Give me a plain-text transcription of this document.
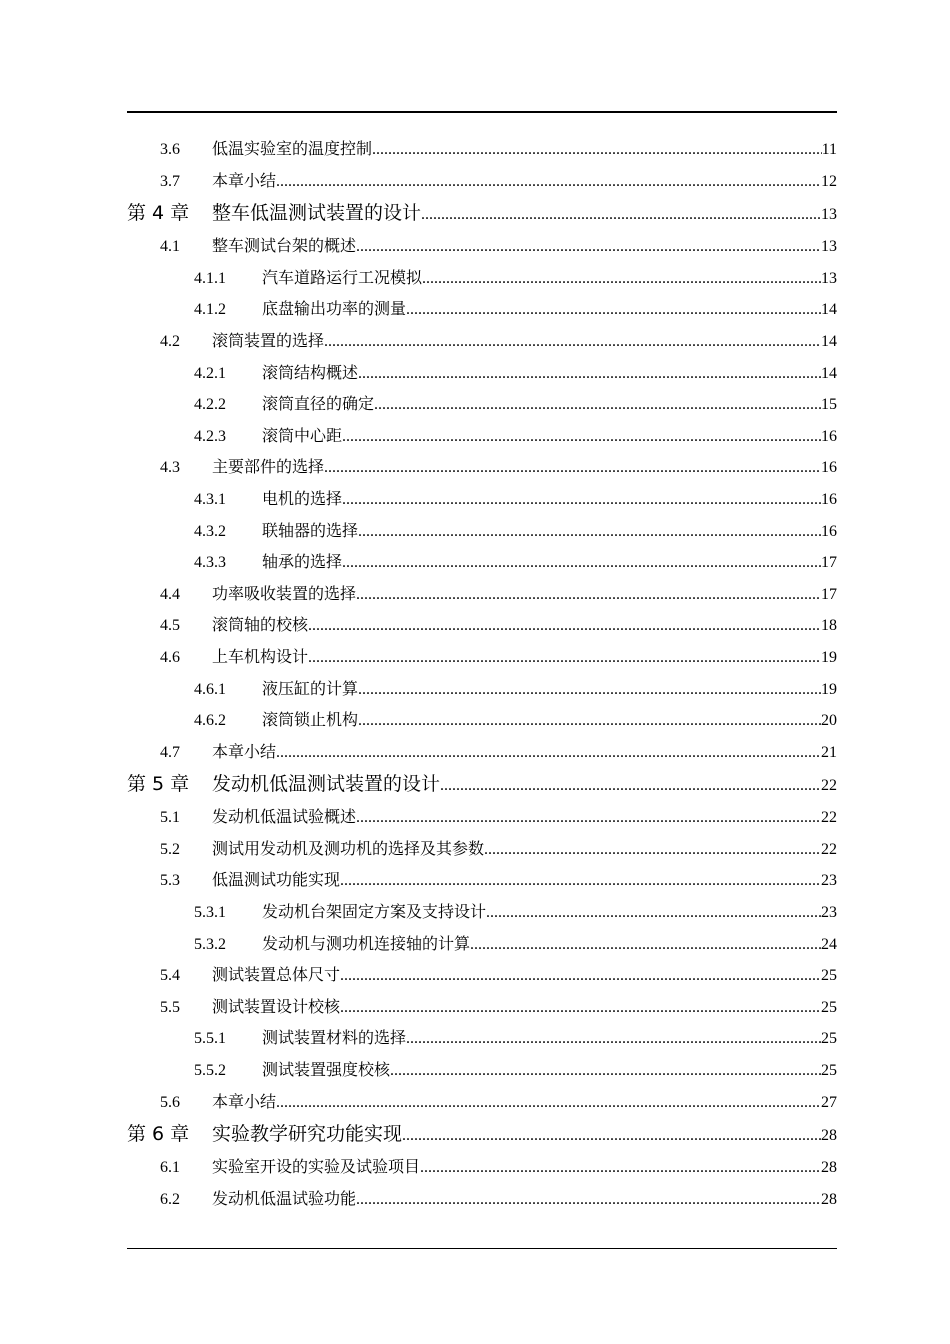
3.6	低温实验室的温度控制 .....	11
3.7	本章小结 .....	12
第 4 章	整车低温测试装置的设计 .....	13
4.1	整车测试台架的概述 .....	13
4.1.1	汽车道路运行工况模拟 .....	13
4.1.2	底盘输出功率的测量 .....	14
4.2	滚筒装置的选择 .....	14
4.2.1	滚筒结构概述 .....	14
4.2.2	滚筒直径的确定 .....	15
4.2.3	滚筒中心距 .....	16
4.3	主要部件的选择 .....	16
4.3.1	电机的选择 .....	16
4.3.2	联轴器的选择 .....	16
4.3.3	轴承的选择 .....	17
4.4	功率吸收装置的选择 .....	17
4.5	滚筒轴的校核 .....	18
4.6	上车机构设计 .....	19
4.6.1	液压缸的计算 .....	19
4.6.2	滚筒锁止机构 .....	20
4.7	本章小结 .....	21
第 5 章	发动机低温测试装置的设计 .....	22
5.1	发动机低温试验概述 .....	22
5.2	测试用发动机及测功机的选择及其参数 .....	22
5.3	低温测试功能实现 .....	23
5.3.1	发动机台架固定方案及支持设计 .....	23
5.3.2	发动机与测功机连接轴的计算 .....	24
5.4	测试装置总体尺寸 .....	25
5.5	测试装置设计校核 .....	25
5.5.1	测试装置材料的选择 .....	25
5.5.2	测试装置强度校核 .....	25
5.6	本章小结 .....	27
第 6 章	实验教学研究功能实现 .....	28
6.1	实验室开设的实验及试验项目 .....	28
6.2	发动机低温试验功能 .....	28
